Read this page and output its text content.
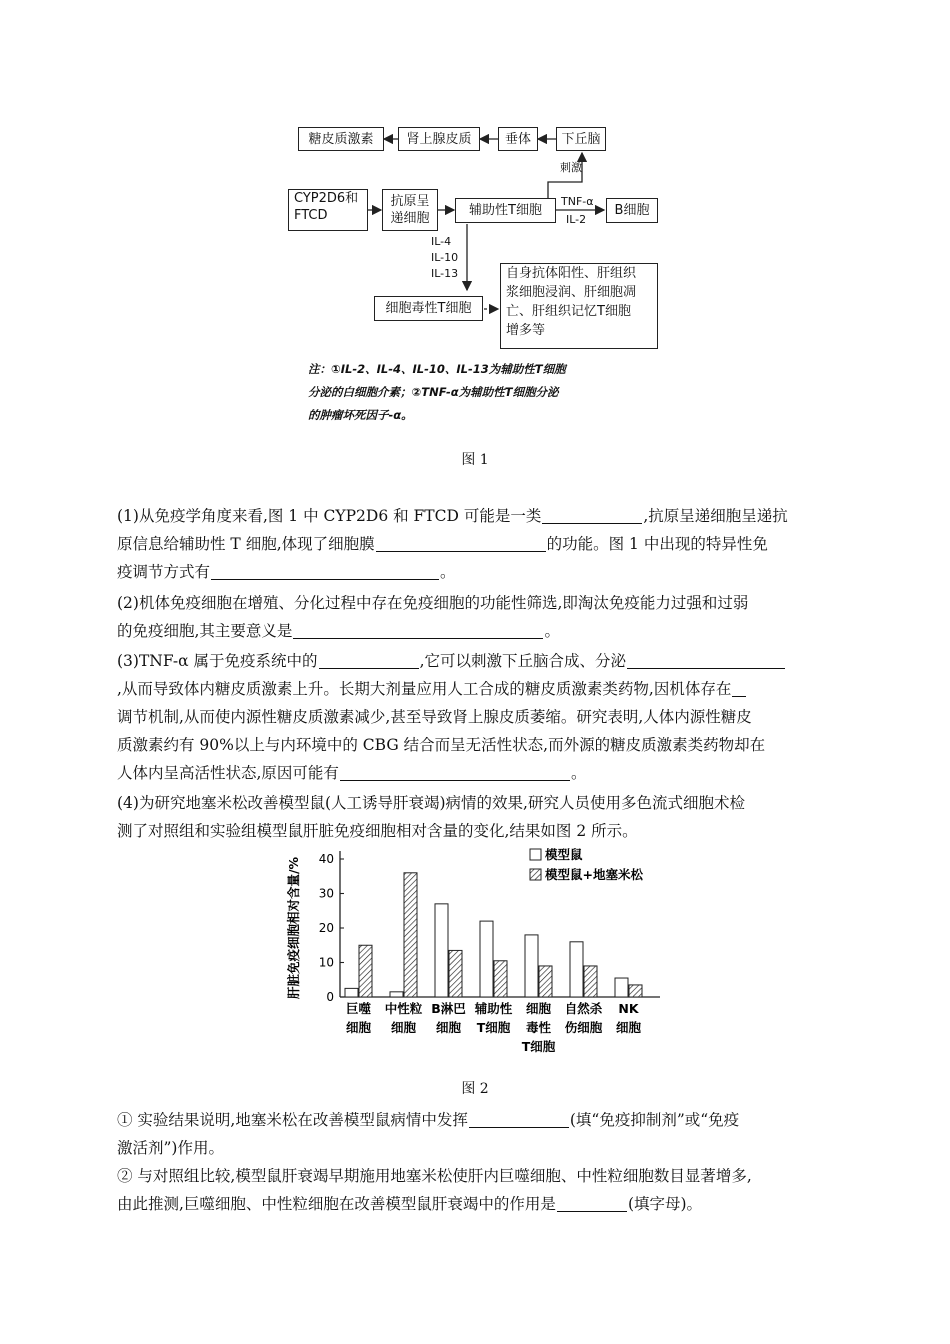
糖皮质激素	肾上腺皮质	垂体	下丘脑
CYP2D6和
FTCD
抗原呈
递细胞
辅助性T细胞	B细胞
细胞毒性T细胞
自身抗体阳性、肝组织
浆细胞浸润、肝细胞凋
亡、肝组织记忆T细胞
增多等
刺激
TNF-α
IL-2
IL-4
IL-10
IL-13
注：①IL-2、IL-4、IL-10、IL-13为辅助性T细胞
分泌的白细胞介素；②TNF-α为辅助性T细胞分泌
的肿瘤坏死因子-α。
图 1
(1)从免疫学角度来看,图 1 中 CYP2D6 和 FTCD 可能是一类	,抗原呈递细胞呈递抗
原信息给辅助性 T 细胞,体现了细胞膜	的功能。图 1 中出现的特异性免
疫调节方式有	。
(2)机体免疫细胞在增殖、分化过程中存在免疫细胞的功能性筛选,即淘汰免疫能力过强和过弱
的免疫细胞,其主要意义是	。
(3)TNF-α 属于免疫系统中的	,它可以刺激下丘脑合成、分泌
,从而导致体内糖皮质激素上升。长期大剂量应用人工合成的糖皮质激素类药物,因机体存在
调节机制,从而使内源性糖皮质激素减少,甚至导致肾上腺皮质萎缩。研究表明,人体内源性糖皮
质激素约有 90%以上与内环境中的 CBG 结合而呈无活性状态,而外源的糖皮质激素类药物却在
人体内呈高活性状态,原因可能有	。
(4)为研究地塞米松改善模型鼠(人工诱导肝衰竭)病情的效果,研究人员使用多色流式细胞术检
测了对照组和实验组模型鼠肝脏免疫细胞相对含量的变化,结果如图 2 所示。
0
10
20
30
40
肝脏免疫细胞相对含量/%
巨噬
细胞
中性粒
细胞
B淋巴
细胞
辅助性
T细胞
细胞
毒性
T细胞
自然杀
伤细胞
NK
细胞
模型鼠
模型鼠+地塞米松
图 2
① 实验结果说明,地塞米松在改善模型鼠病情中发挥	(填“免疫抑制剂”或“免疫
激活剂”)作用。
② 与对照组比较,模型鼠肝衰竭早期施用地塞米松使肝内巨噬细胞、中性粒细胞数目显著增多,
由此推测,巨噬细胞、中性粒细胞在改善模型鼠肝衰竭中的作用是	(填字母)。
